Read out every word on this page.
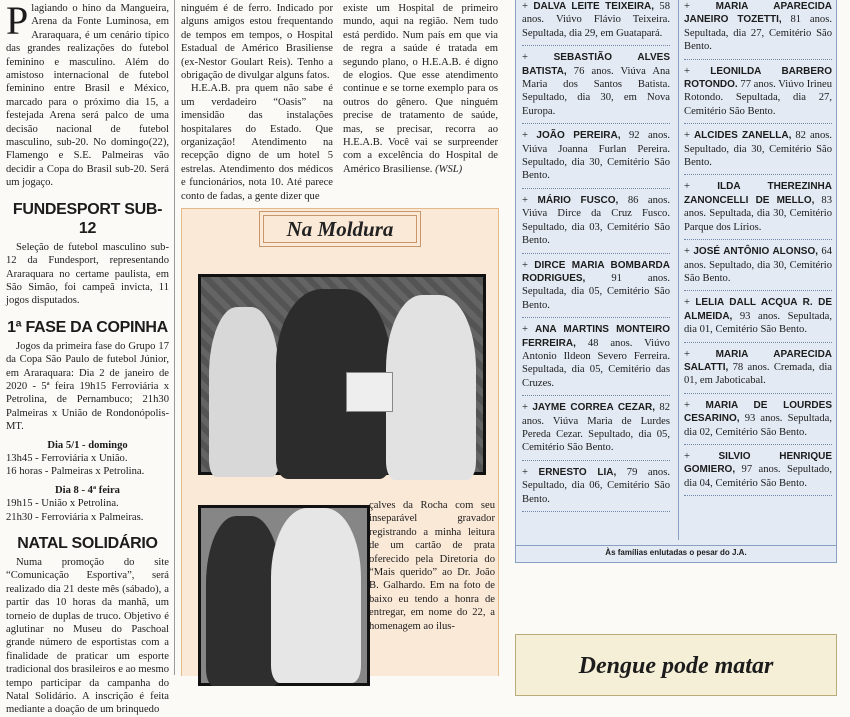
Plagiando o hino da Mangueira, Arena da Fonte Luminosa, em Araraquara, é um cenário típico das grandes realizações do futebol feminino e masculino. Além do amistoso internacional de futebol feminino entre Brasil e México, marcado para o próximo dia 15, a festejada Arena será palco de uma decisão nacional de futebol masculino, sub-20. No domingo(22), Flamengo e S.E. Palmeiras vão decidir a Copa do Brasil sub-20. Será um jogaço.

FUNDESPORT SUB-12

Seleção de futebol masculino sub-12 da Fundesport, representando Araraquara no certame paulista, em São Simão, foi campeã invicta, 11 jogos disputados.

1ª FASE DA COPINHA

Jogos da primeira fase do Grupo 17 da Copa São Paulo de futebol Júnior, em Araraquara: Dia 2 de janeiro de 2020 - 5ª feira 19h15 Ferroviária x Petrolina, de Pernambuco; 21h30 Palmeiras x União de Rondonópolis-MT.

Dia 5/1 - domingo

13h45 - Ferroviária x União.

16 horas - Palmeiras x Petrolina.

Dia 8 - 4ª feira

19h15 - União x Petrolina.

21h30 - Ferroviária x Palmeiras.

NATAL SOLIDÁRIO

Numa promoção do site “Comunicação Esportiva”, será realizado dia 21 deste mês (sábado), a partir das 10 horas da manhã, um torneio de duplas de truco. Objetivo é aglutinar no Museu do Paschoal grande número de esportistas com a finalidade de praticar um esporte tradicional dos brasileiros e ao mesmo tempo participar da campanha do Natal Solidário. A inscrição é feita mediante a doação de um brinquedo

ninguém é de ferro. Indicado por alguns amigos estou frequentando de tempos em tempos, o Hospital Estadual de Américo Brasiliense (ex-Nestor Goulart Reis). Tenho a obrigação de divulgar alguns fatos.

H.E.A.B. pra quem não sabe é um verdadeiro “Oasis” na imensidão das instalações hospitalares do Estado. Que organização! Atendimento na recepção digno de um hotel 5 estrelas. Atendimento dos médicos e funcionários, nota 10. Até parece conto de fadas, a gente dizer que

existe um Hospital de primeiro mundo, aqui na região. Nem tudo está perdido. Num país em que via de regra a saúde é tratada em segundo plano, o H.E.A.B. é digno de elogios. Que esse atendimento continue e se torne exemplo para os outros do gênero. Que ninguém precise de tratamento de saúde, mas, se precisar, recorra ao H.E.A.B. Você vai se surpreender com a excelência do Hospital de Américo Brasiliense. (WSL)

Na Moldura
çalves da Rocha com seu inseparável gravador registrando a minha leitura de um cartão de prata oferecido pela Diretoria do “Mais querido” ao Dr. João B. Galhardo. Em na foto de baixo eu tendo a honra de entregar, em nome do 22, a homenagem ao ilus-
+ DALVA LEITE TEIXEIRA, 58 anos. Viúvo Flávio Teixeira. Sepultada, dia 29, em Guatapará.
+ SEBASTIÃO ALVES BATISTA, 76 anos. Viúva Ana Maria dos Santos Batista. Sepultado, dia 30, em Nova Europa.
+ JOÃO PEREIRA, 92 anos. Viúva Joanna Furlan Pereira. Sepultado, dia 30, Cemitério São Bento.
+ MÁRIO FUSCO, 86 anos. Viúva Dirce da Cruz Fusco. Sepultado, dia 03, Cemitério São Bento.
+ DIRCE MARIA BOMBARDA RODRIGUES, 91 anos. Sepultada, dia 05, Cemitério São Bento.
+ ANA MARTINS MONTEIRO FERREIRA, 48 anos. Viúvo Antonio Ildeon Severo Ferreira. Sepultada, dia 05, Cemitério das Cruzes.
+ JAYME CORREA CEZAR, 82 anos. Viúva Maria de Lurdes Pereda Cezar. Sepultado, dia 05, Cemitério São Bento.
+ ERNESTO LIA, 79 anos. Sepultado, dia 06, Cemitério São Bento.
+ MARIA APARECIDA JANEIRO TOZETTI, 81 anos. Sepultada, dia 27, Cemitério São Bento.
+ LEONILDA BARBERO ROTONDO. 77 anos. Viúvo Irineu Rotondo. Sepultada, dia 27, Cemitério São Bento.
+ ALCIDES ZANELLA, 82 anos. Sepultado, dia 30, Cemitério São Bento.
+ ILDA THEREZINHA ZANONCELLI DE MELLO, 83 anos. Sepultada, dia 30, Cemitério Parque dos Lírios.
+ JOSÉ ANTÔNIO ALONSO, 64 anos. Sepultado, dia 30, Cemitério São Bento.
+ LELIA DALL ACQUA R. DE ALMEIDA, 93 anos. Sepultada, dia 01, Cemitério São Bento.
+ MARIA APARECIDA SALATTI, 78 anos. Cremada, dia 01, em Jaboticabal.
+ MARIA DE LOURDES CESARINO, 93 anos. Sepultada, dia 02, Cemitério São Bento.
+ SILVIO HENRIQUE GOMIERO, 97 anos. Sepultado, dia 04, Cemitério São Bento.
Às famílias enlutadas o pesar do J.A.
Dengue pode matar
